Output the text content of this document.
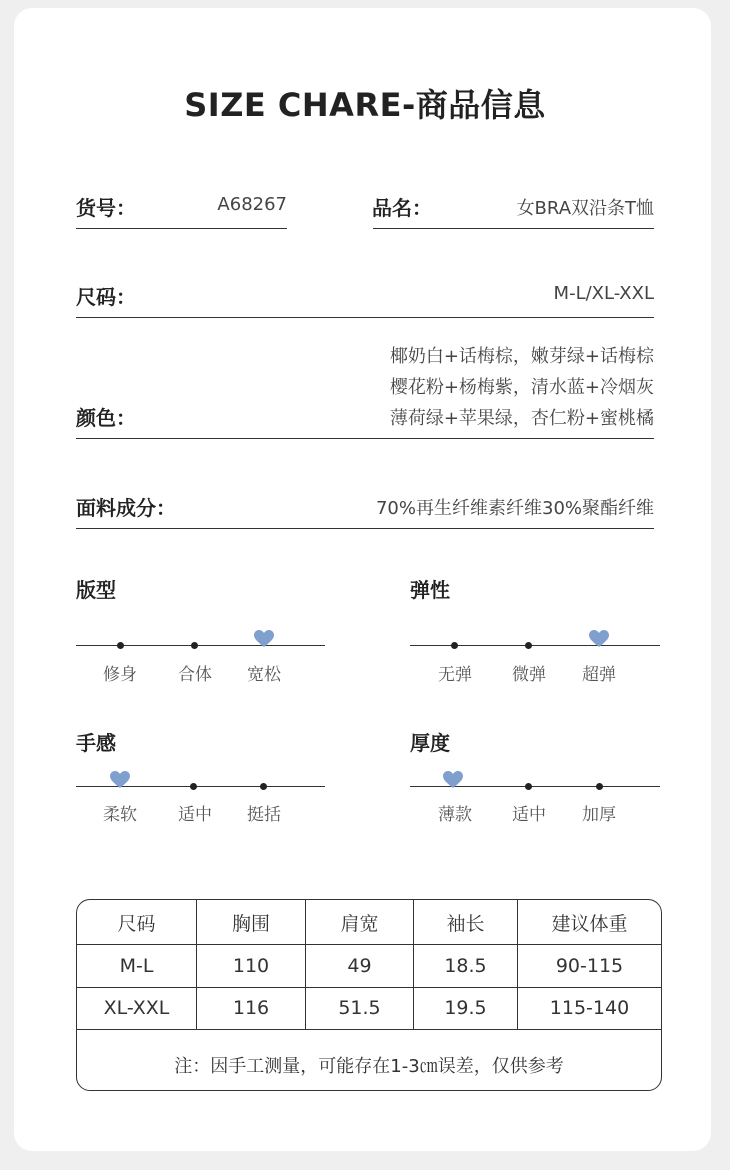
SIZE CHARE-商品信息
货号：	A68267	品名：	女BRA双沿条T恤
尺码：	M-L/XL-XXL
颜色：
椰奶白+话梅棕，嫩芽绿+话梅棕
樱花粉+杨梅紫，清水蓝+冷烟灰
薄荷绿+苹果绿，杏仁粉+蜜桃橘
面料成分：	70%再生纤维素纤维30%聚酯纤维
版型
修身	合体	宽松
弹性
无弹	微弹	超弹
手感
柔软	适中	挺括
厚度
薄款	适中	加厚
尺码	胸围	肩宽	袖长	建议体重
M-L	110	49	18.5	90-115
XL-XXL	116	51.5	19.5	115-140
注：因手工测量，可能存在1-3㎝误差，仅供参考
